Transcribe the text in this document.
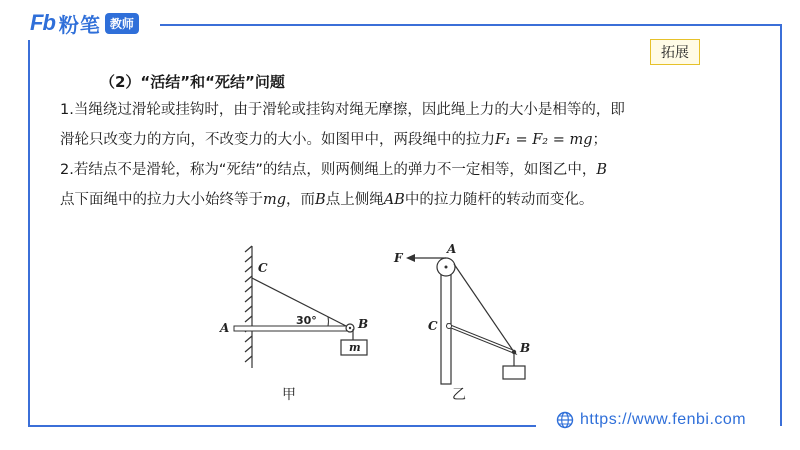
Fb 粉笔 教师
拓展
（2）“活结”和“死结”问题
1.当绳绕过滑轮或挂钩时，由于滑轮或挂钩对绳无摩擦，因此绳上力的大小是相等的，即
滑轮只改变力的方向，不改变力的大小。如图甲中，两段绳中的拉力F₁ = F₂ = mg；
2.若结点不是滑轮，称为“死结”的结点，则两侧绳上的弹力不一定相等，如图乙中，B
点下面绳中的拉力大小始终等于mg，而B点上侧绳AB中的拉力随杆的转动而变化。
C
A	B
30°
m
甲
F
A
C
B
乙
https://www.fenbi.com
